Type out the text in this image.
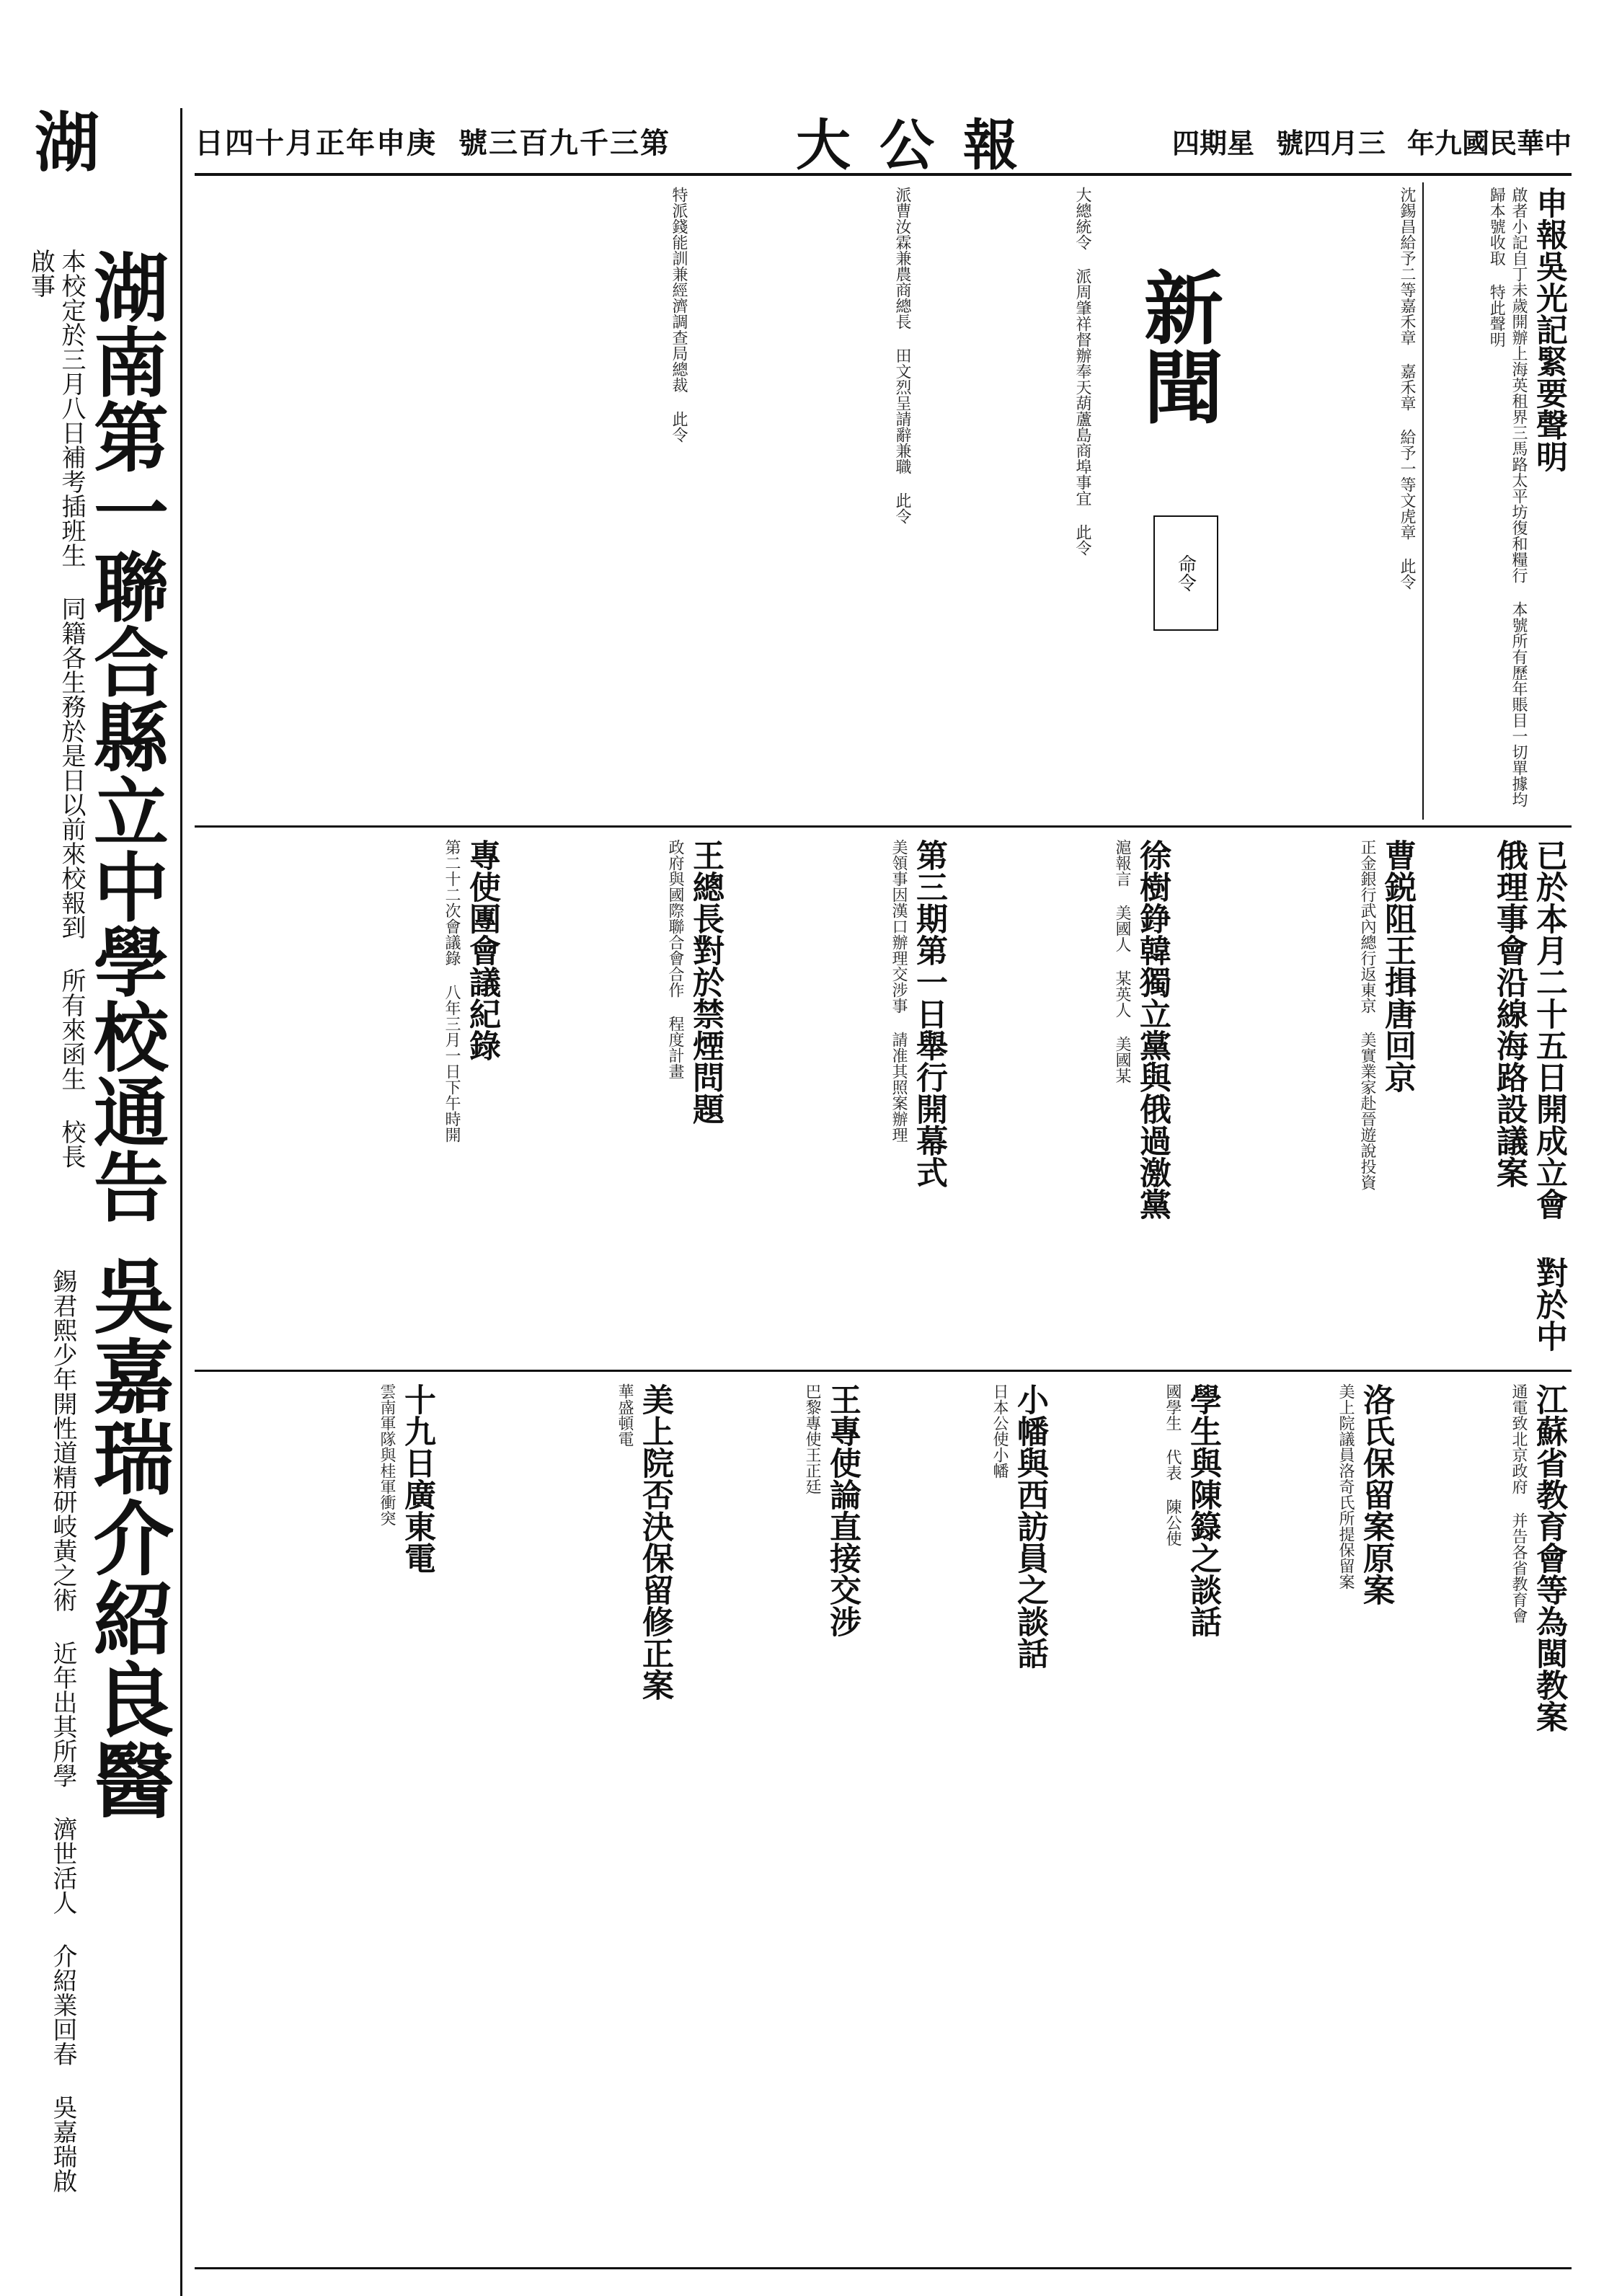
湖
湖南第一聯合縣立中學校通告
本校定於三月八日補考插班生 同籍各生務於是日以前來校報到 所有來函生 校長啟事
吳嘉瑞介紹良醫
錫君熙少年開性道精研岐黃之術 近年出其所學 濟世活人 介紹業回春 吳嘉瑞啟
日四十月正年申庚 號三百九千三第 大公報	四期星 號四月三 年九國民華中
申報吳光記緊要聲明
啟者小記自丁未歲開辦上海英租界三馬路太平坊復和糧行 本號所有歷年賬目一切單據均歸本號收取 特此聲明
沈錫昌給予二等嘉禾章 嘉禾章 給予一等文虎章 此令
新聞
命令
大總統令 派周肇祥督辦奉天葫蘆島商埠事宜 此令
派曹汝霖兼農商總長 田文烈呈請辭兼職 此令
特派錢能訓兼經濟調查局總裁 此令
已於本月二十五日開成立會 對於中俄理事會沿線海路設議案
曹鋭阻王揖唐回京
正金銀行武內總行返東京 美實業家赴晉遊說投資
徐樹錚韓獨立黨與俄過激黨
滬報言 美國人 某英人 美國某
第三期第一日舉行開幕式
美領事因漢口辦理交涉事 請准其照案辦理
王總長對於禁煙問題
政府與國際聯合會合作 程度計畫
專使團會議紀錄
第二十二次會議錄 八年三月一日下午時開
江蘇省教育會等為閩教案
通電致北京政府 并告各省教育會
洛氏保留案原案
美上院議員洛奇氏所提保留案
學生與陳籙之談話
國學生 代表 陳公使
小幡與西訪員之談話
日本公使小幡
王專使論直接交涉
巴黎專使王正廷
美上院否決保留修正案
華盛頓電
十九日廣東電
雲南軍隊與桂軍衝突
